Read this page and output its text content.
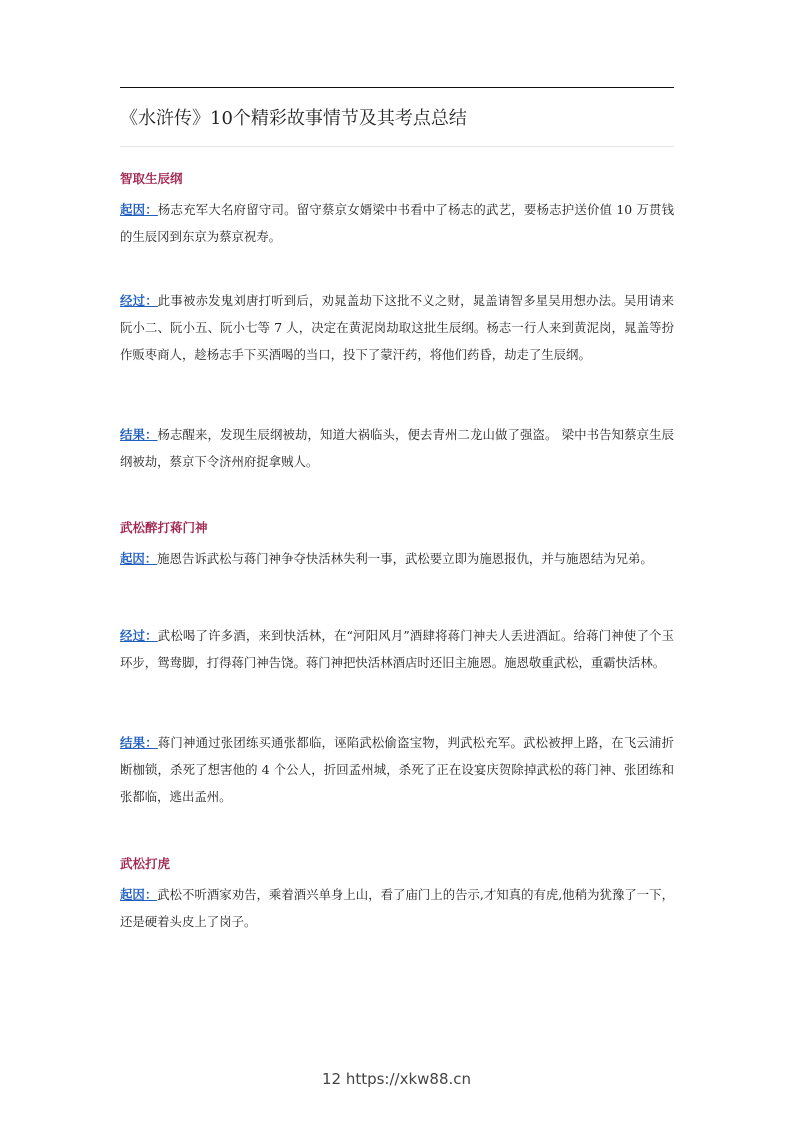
《水浒传》10个精彩故事情节及其考点总结
智取生辰纲
起因：杨志充军大名府留守司。留守蔡京女婿梁中书看中了杨志的武艺，要杨志护送价值 10 万贯钱的生辰冈到东京为蔡京祝寿。
经过：此事被赤发鬼刘唐打听到后，劝晁盖劫下这批不义之财，晁盖请智多星吴用想办法。吴用请来阮小二、阮小五、阮小七等 7 人，决定在黄泥岗劫取这批生辰纲。杨志一行人来到黄泥岗，晁盖等扮作贩枣商人，趁杨志手下买酒喝的当口，投下了蒙汗药，将他们药昏，劫走了生辰纲。
结果：杨志醒来，发现生辰纲被劫，知道大祸临头，便去青州二龙山做了强盗。 梁中书告知蔡京生辰纲被劫，蔡京下令济州府捉拿贼人。
武松醉打蒋门神
起因：施恩告诉武松与蒋门神争夺快活林失利一事，武松要立即为施恩报仇，并与施恩结为兄弟。
经过：武松喝了许多酒，来到快活林，在“河阳风月”酒肆将蒋门神夫人丢进酒缸。给蒋门神使了个玉环步，鸳鸯脚，打得蒋门神告饶。蒋门神把快活林酒店时还旧主施恩。施恩敬重武松，重霸快活林。
结果：蒋门神通过张团练买通张都临，诬陷武松偷盗宝物，判武松充军。武松被押上路，在飞云浦折断枷锁，杀死了想害他的 4 个公人，折回孟州城，杀死了正在设宴庆贺除掉武松的蒋门神、张团练和张都临，逃出孟州。
武松打虎
起因：武松不听酒家劝告，乘着酒兴单身上山，看了庙门上的告示,才知真的有虎,他稍为犹豫了一下，还是硬着头皮上了岗子。
12 https://xkw88.cn
